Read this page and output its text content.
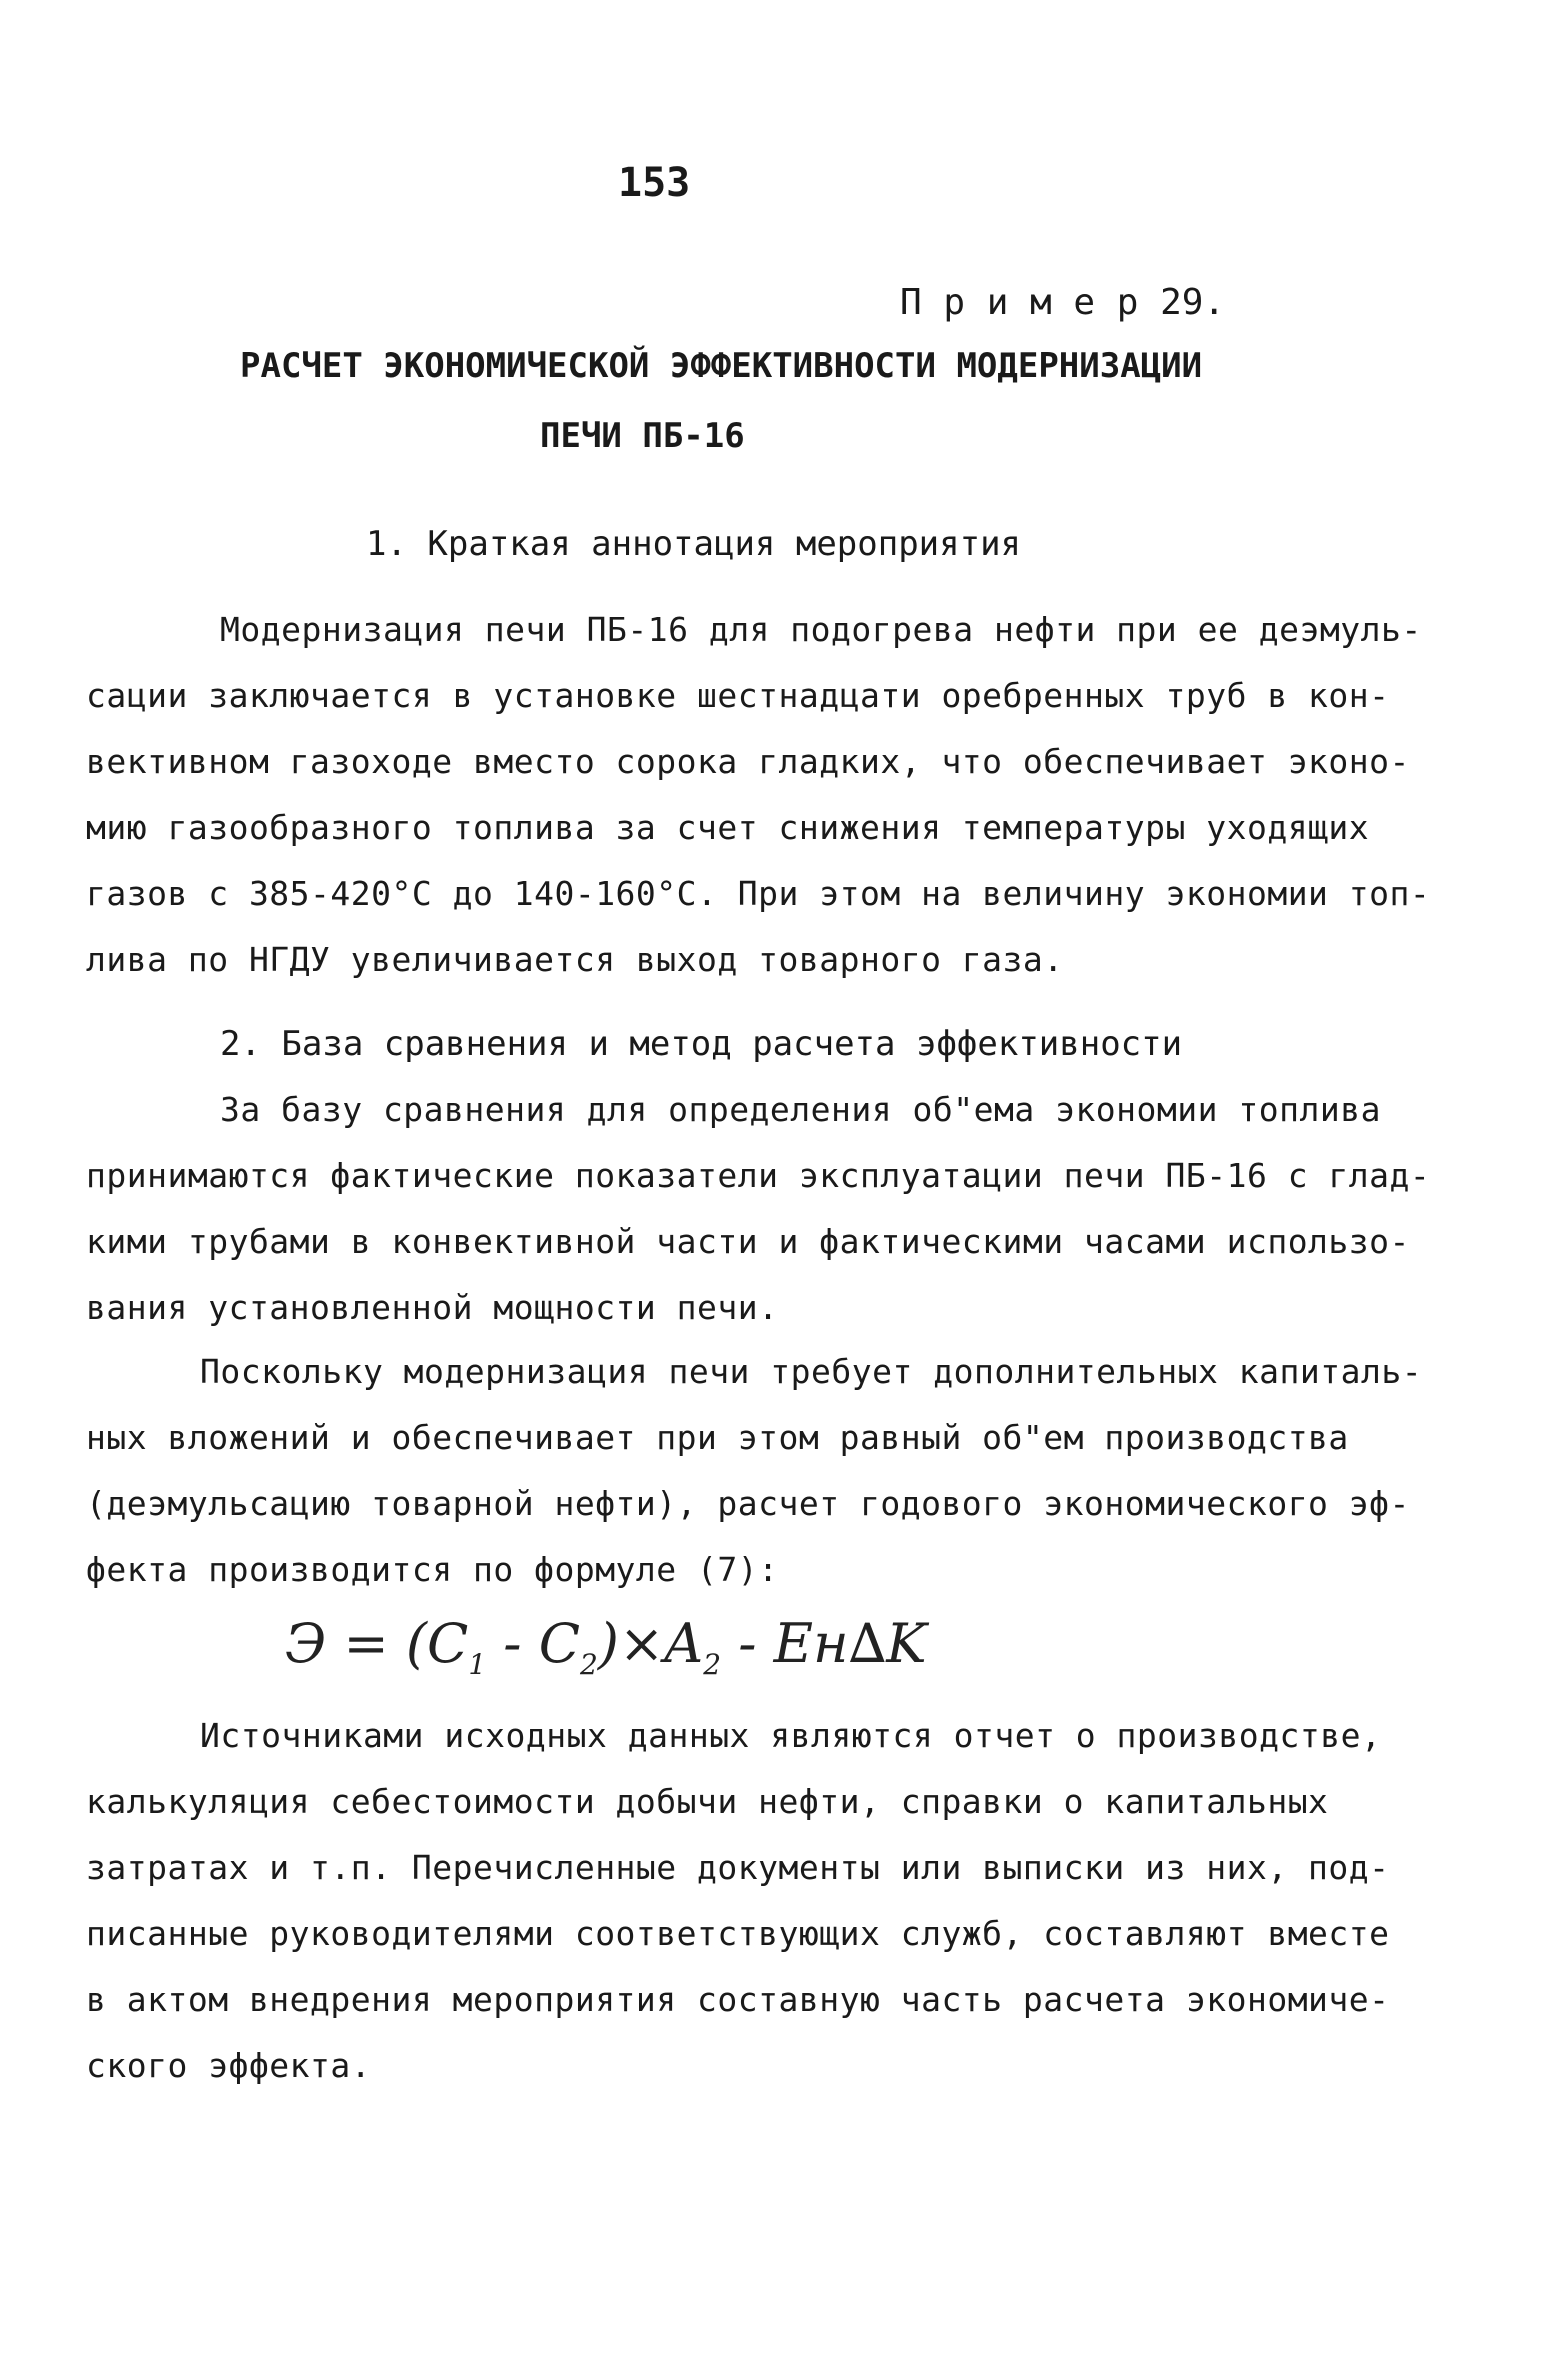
153
П р и м е р 29.
РАСЧЕТ ЭКОНОМИЧЕСКОЙ ЭФФЕКТИВНОСТИ МОДЕРНИЗАЦИИ
ПЕЧИ ПБ-16
1. Краткая аннотация мероприятия
Модернизация печи ПБ-16 для подогрева нефти при ее деэмуль-
сации заключается в установке шестнадцати оребренных труб в кон-
вективном газоходе вместо сорока гладких, что обеспечивает эконо-
мию газообразного топлива за счет снижения температуры уходящих
газов с 385-420°С до 140-160°С. При этом на величину экономии топ-
лива по НГДУ увеличивается выход товарного газа.
2. База сравнения и метод расчета эффективности
За базу сравнения для определения об"ема экономии топлива
принимаются фактические показатели эксплуатации печи ПБ-16 с глад-
кими трубами в конвективной части и фактическими часами использо-
вания установленной мощности печи.
Поскольку модернизация печи требует дополнительных капиталь-
ных вложений и обеспечивает при этом равный об"ем производства
(деэмульсацию товарной нефти), расчет годового экономического эф-
фекта производится по формуле (7):
$Э = (C_1 - C_2)\times A_2 - Eн\Delta K$
Источниками исходных данных являются отчет о производстве,
калькуляция себестоимости добычи нефти, справки о капитальных
затратах и т.п. Перечисленные документы или выписки из них, под-
писанные руководителями соответствующих служб, составляют вместе
в актом внедрения мероприятия составную часть расчета экономиче-
ского эффекта.
